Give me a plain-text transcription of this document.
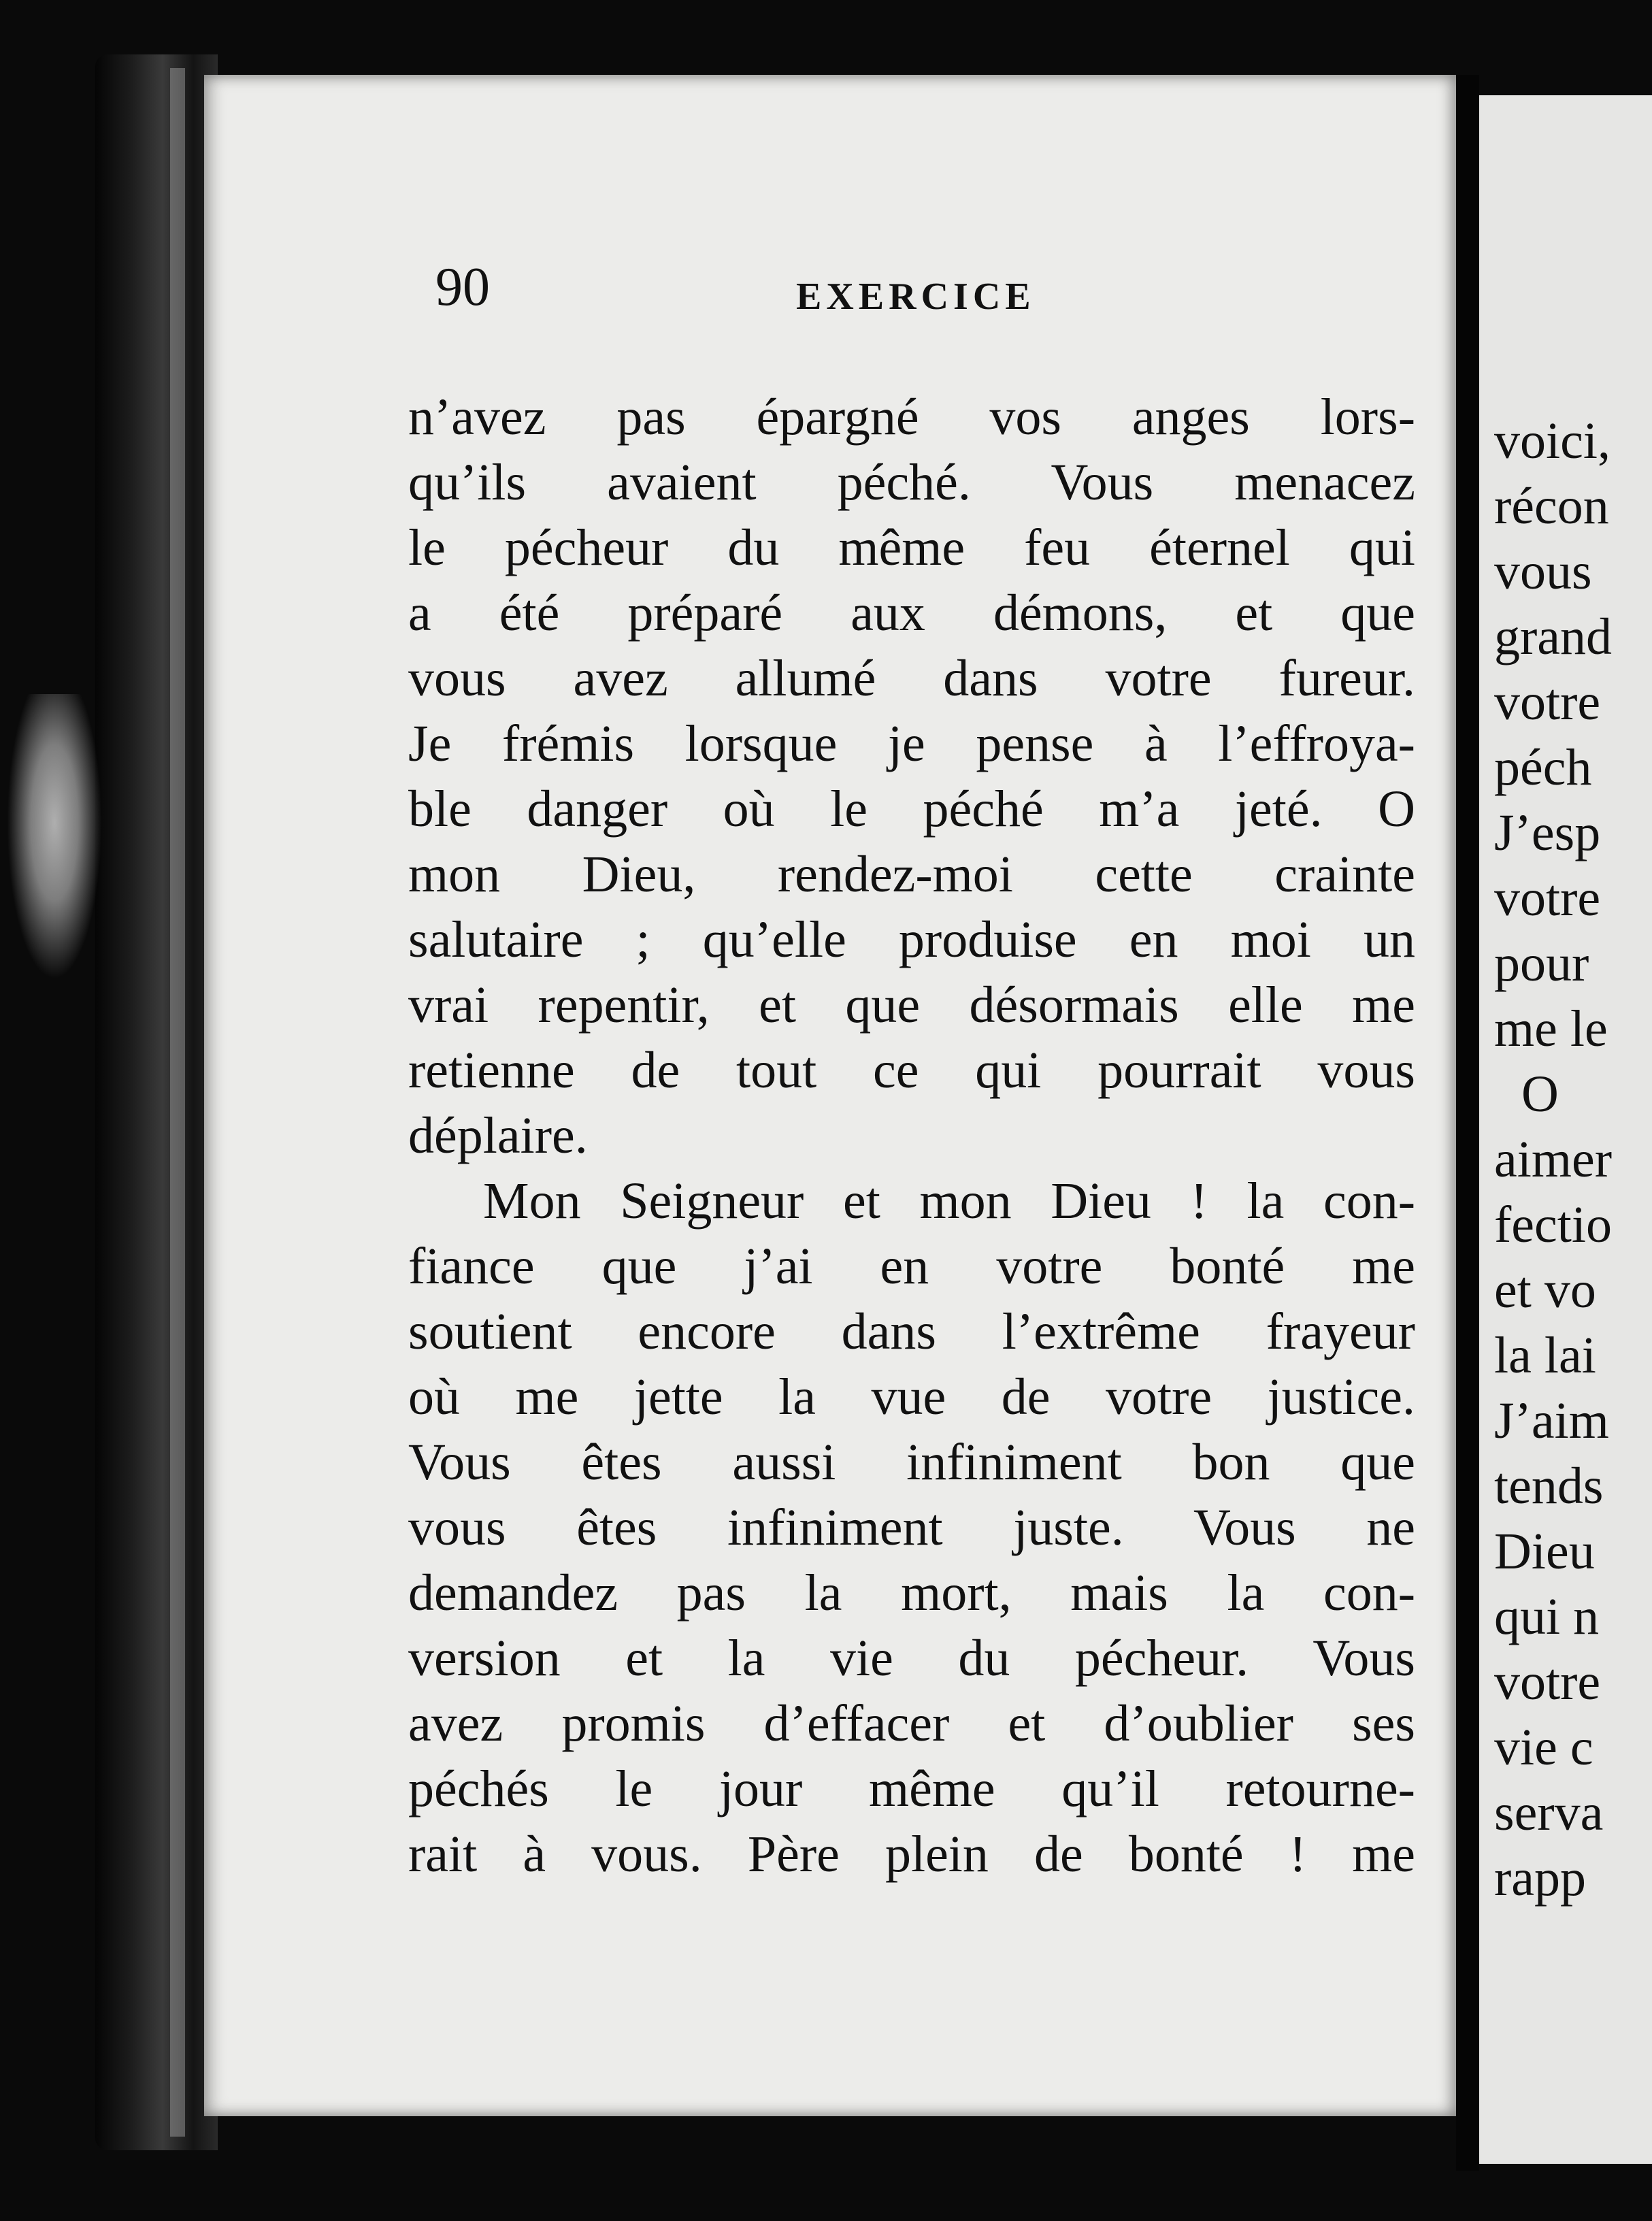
90	EXERCICE
n’avez pas épargné vos anges lors-
qu’ils avaient péché. Vous menacez
le pécheur du même feu éternel qui
a été préparé aux démons, et que
vous avez allumé dans votre fureur.
Je frémis lorsque je pense à l’effroya-
ble danger où le péché m’a jeté. O
mon Dieu, rendez-moi cette crainte
salutaire ; qu’elle produise en moi un
vrai repentir, et que désormais elle me
retienne de tout ce qui pourrait vous
déplaire.
Mon Seigneur et mon Dieu ! la con-
fiance que j’ai en votre bonté me
soutient encore dans l’extrême frayeur
où me jette la vue de votre justice.
Vous êtes aussi infiniment bon que
vous êtes infiniment juste. Vous ne
demandez pas la mort, mais la con-
version et la vie du pécheur. Vous
avez promis d’effacer et d’oublier ses
péchés le jour même qu’il retourne-
rait à vous. Père plein de bonté ! me
voici,
récon
vous
grand
votre
péch
J’esp
votre
pour
me le
O
aimer
fectio
et vo
la lai
J’aim
tends
Dieu
qui n
votre
vie c
serva
rapp
